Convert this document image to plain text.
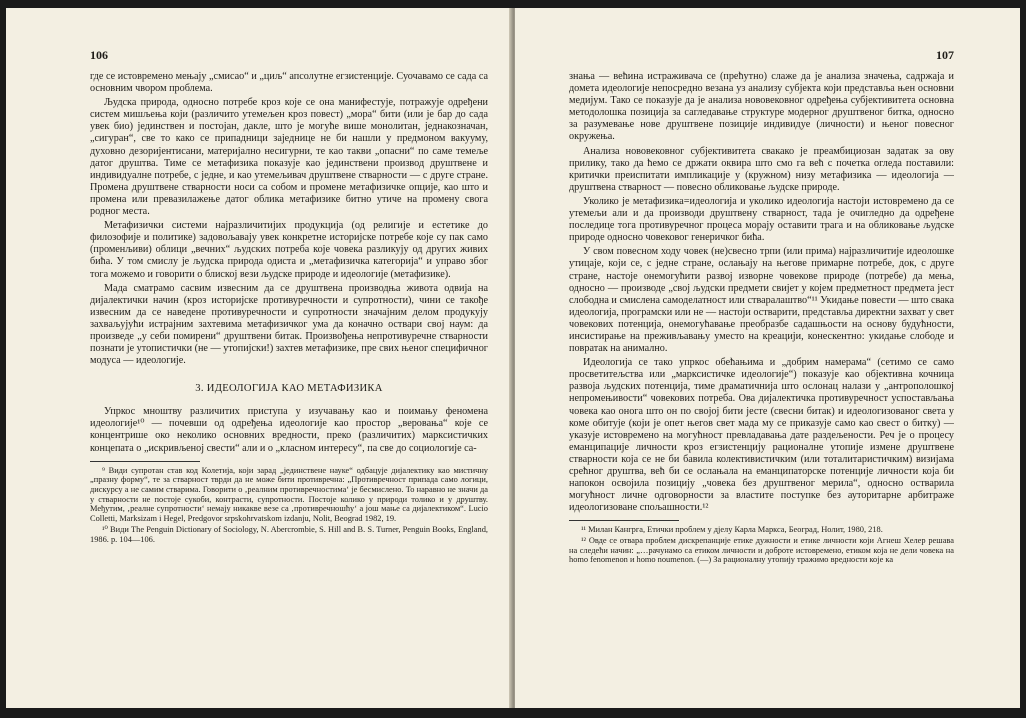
106

где се истовремено мењају „смисао“ и „циљ“ апсолутне егзистенције. Суочавамо се сада са основним чвором проблема.

Људска природа, односно потребе кроз које се она манифестује, потражује одређени систем мишљења који (различито утемељен кроз повест) „мора“ бити (или је бар до сада увек био) јединствен и постојан, дакле, што је могуће више монолитан, једнакозначан, „сигуран“, све то како се припадници заједнице не би нашли у предмоном вакууму, духовно дезоријентисани, материјално несигурни, те као такви „опасни“ по саме темеље датог друштва. Тиме се метафизика показује као јединствени производ друштвене и индивидуалне потребе, с једне, и као утемељивач друштвене стварности — с друге стране. Промена друштвене стварности носи са собом и промене метафизичке опције, као што и промена или превазилажење датог облика метафизике битно утиче на промену свога родног места.

Метафизички системи најразличитијих продукција (од религије и естетике до филозофије и политике) задовољавају увек конкретне историјске потребе које су пак само (променљиви) облици „вечних“ људских потреба које човека разликују од других живих бића. У том смислу је људска природа одиста и „метафизичка категорија“ и управо због тога можемо и говорити о блиској вези људске природе и идеологије (метафизике).

Мада сматрамо сасвим извесним да се друштвена производња живота одвија на дијалектички начин (кроз историјске противуречности и супротности), чини се такође извесним да се наведене противуречности и супротности значајним делом продукују захваљујући истрајним захтевима метафизичког ума да коначно оствари свој наум: да произведе „у себи помирени“ друштвени битак. Произвођења непротивуречне стварности познати је утопистички (не — утопијски!) захтев метафизике, пре свих њеног специфичног модуса — идеологије.

3. ИДЕОЛОГИЈА КАО МЕТАФИЗИКА

Упркос мноштву различитих приступа у изучавању као и поимању феномена идеологије¹⁰ — почевши од одређења идеологије као простор „веровања“ које се концентрише око неколико основних вредности, преко (различитих) марксистичких концепата о „искривљеној свести“ али и о „класном интересу“, па све до социологије са-

⁹ Види супротан став код Колетија, који зарад „јединствене науке“ одбацује дијалектику као мистичну „празну форму“, те за стварност тврди да не може бити противречна: „Противречност припада само логици, дискурсу а не самим стварима. Говорити о ‚реалним противречностима‘ је бесмислено. То наравно не значи да у стварности не постоје сукоби, контрасти, супротности. Постоје колико у природи толико и у друштву. Међутим, ‚реалне супротности‘ немају никакве везе са ‚противречношћу‘ а још мање са дијалектиком“. Lucio Colletti, Marksizam i Hegel, Predgovor srpskohrvatskom izdanju, Nolit, Beograd 1982, 19.
¹⁰ Види The Penguin Dictionary of Sociology, N. Abercrombie, S. Hill and B. S. Turner, Penguin Books, England, 1986. p. 104—106.
107

знања — већина истраживача се (прећутно) слаже да је анализа значења, садржаја и домета идеологије непосредно везана уз анализу субјекта који представља њен основни медијум. Тако се показује да је анализа нововековног одређења субјективитета основна методолошка позиција за сагледавање структуре модерног друштвеног битка, односно за разумевање нове друштвене позиције индивидуе (личности) и њеног повесног окружења.

Анализа нововековног субјективитета свакако је преамбициозан задатак за ову прилику, тако да ћемо се држати оквира што смо га већ с почетка огледа поставили: критички преиспитати импликације у (кружном) низу метафизика — идеологија — друштвена стварност — повесно обликовање људске природе.

Уколико је метафизика=идеологија и уколико идеологија настоји истовремено да се утемељи али и да производи друштвену стварност, тада је очигледно да одређене последице тога противуречног процеса морају оставити трага и на обликовање људске природе односно човековог генеричког бића.

У свом повесном ходу човек (не)свесно трпи (или прима) најразличитије идеолошке утицаје, који се, с једне стране, ослањају на његове примарне потребе, док, с друге стране, настоје онемогућити развој изворне човекове природе (потребе) да мења, односно — производе „свој људски предмети свијет у којем предметност предмета јест слободна и смислена самоделатност или стваралаштво“¹¹ Укидање повести — што свака идеологија, програмски или не — настоји остварити, представља директни захват у свет човекових потенција, онемогућавање преобразбе садашњости на основу будућности, инсистирање на преживљавању уместо на креацији, конескентно: укидање слободе и повратак на анимално.

Идеологија се тако упркос обећањима и „добрим намерама“ (сетимо се само просветитељства или „марксистичке идеологије“) показује као објективна кочница развоја људских потенција, тиме драматичнија што ослонац налази у „антрополошкој непромењивости“ човекових потреба. Ова дијалектичка противуречност успостављања човека као онога што он по својој бити јесте (свесни битак) и идеологизованог света у коме обитује (који је опет његов свет мада му се приказује само као свест о битку) — указује истовремено на могућност превладавања дате раздељености. Реч је о процесу еманципације личности кроз егзистенцију рационалне утопије измене друштвене стварности која се не би бавила колективистичким (или тоталитаристичким) визијама срећног друштва, већ би се ослањала на еманципаторске потенције личности која би напокон освојила позицију „човека без друштвеног мерила“, односно остварила могућност личне одговорности за властите поступке без ауторитарне арбитраже идеологизоване спољашности.¹²

¹¹ Милан Кангрга, Етички проблем у дјелу Карла Маркса, Београд, Нолит, 1980, 218.
¹² Овде се отвара проблем дискрепанције етике дужности и етике личности који Агнеш Хелер решава на следећи начин: „…рачунамо са етиком личности и доброте истовремено, етиком која не дели човека на homo fenomenon и homo noumenon. (—) За рационалну утопију тражимо вредности које ка
